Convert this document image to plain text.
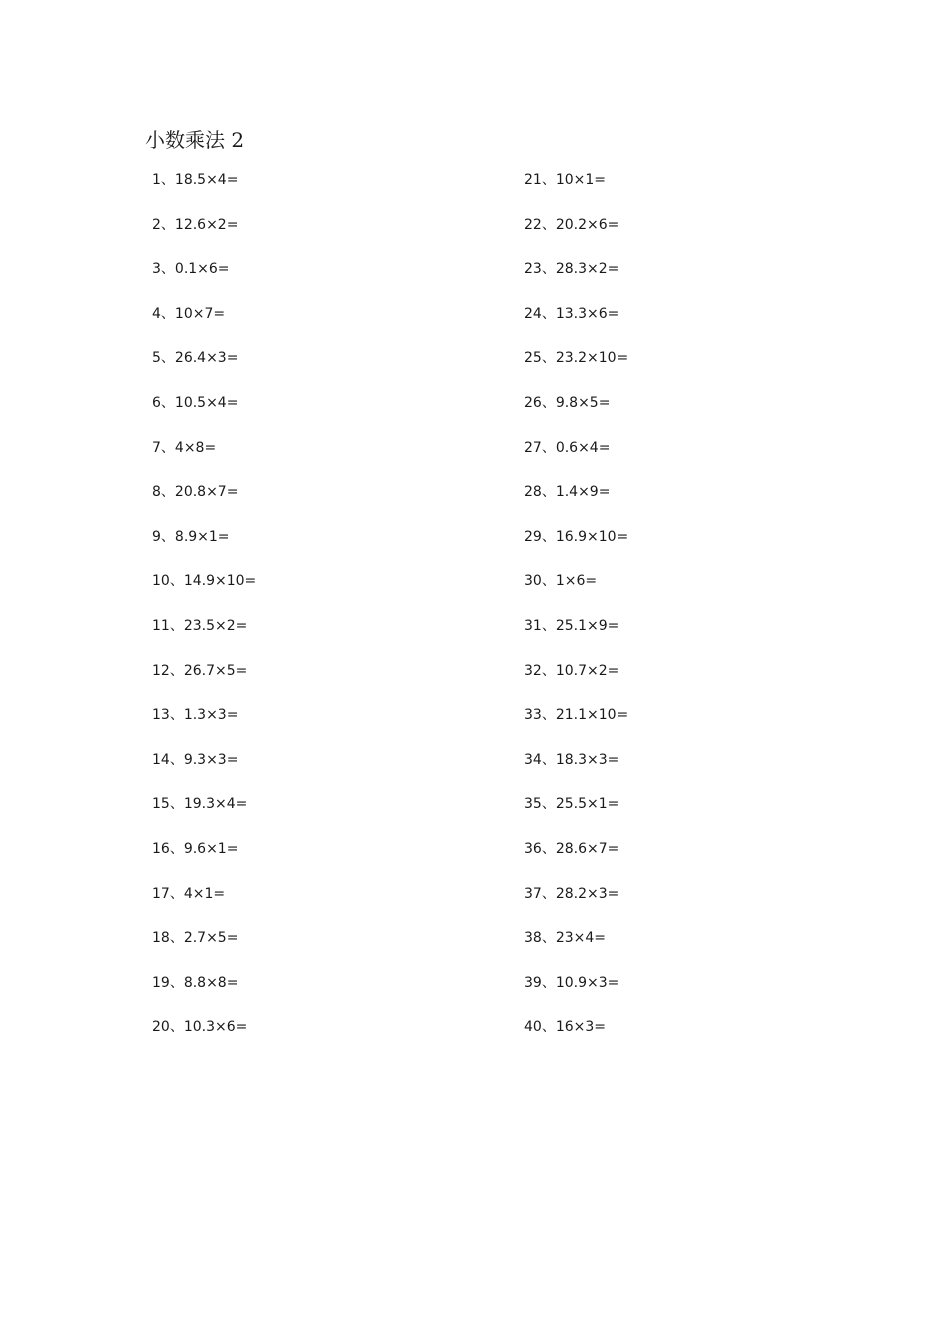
小数乘法 2
1、18.5×4=
2、12.6×2=
3、0.1×6=
4、10×7=
5、26.4×3=
6、10.5×4=
7、4×8=
8、20.8×7=
9、8.9×1=
10、14.9×10=
11、23.5×2=
12、26.7×5=
13、1.3×3=
14、9.3×3=
15、19.3×4=
16、9.6×1=
17、4×1=
18、2.7×5=
19、8.8×8=
20、10.3×6=
21、10×1=
22、20.2×6=
23、28.3×2=
24、13.3×6=
25、23.2×10=
26、9.8×5=
27、0.6×4=
28、1.4×9=
29、16.9×10=
30、1×6=
31、25.1×9=
32、10.7×2=
33、21.1×10=
34、18.3×3=
35、25.5×1=
36、28.6×7=
37、28.2×3=
38、23×4=
39、10.9×3=
40、16×3=
